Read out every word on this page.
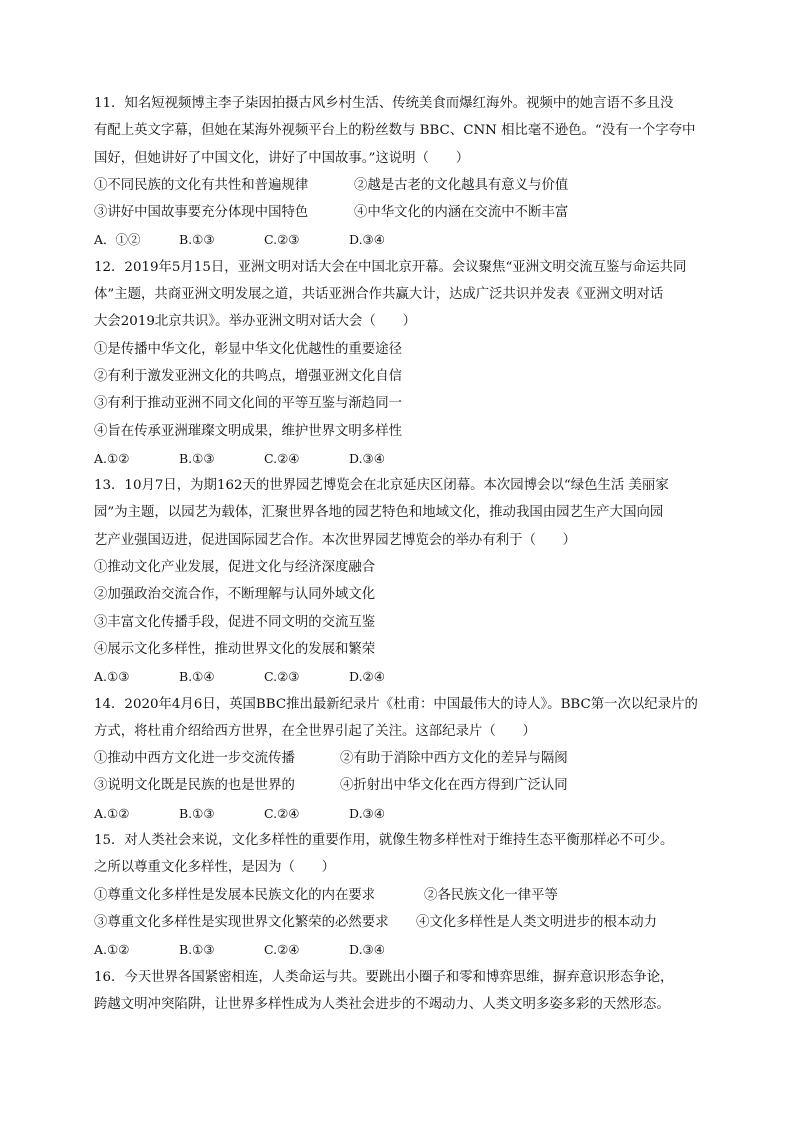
11．知名短视频博主李子柒因拍摄古风乡村生活、传统美食而爆红海外。视频中的她言语不多且没
有配上英文字幕，但她在某海外视频平台上的粉丝数与 BBC、CNN 相比毫不逊色。“没有一个字夸中
国好，但她讲好了中国文化，讲好了中国故事。”这说明（　　）
①不同民族的文化有共性和普遍规律	②越是古老的文化越具有意义与价值
③讲好中国故事要充分体现中国特色	④中华文化的内涵在交流中不断丰富
A．①②	B.①③	C.②③	D.③④
12．2019年5月15日，亚洲文明对话大会在中国北京开幕。会议聚焦“亚洲文明交流互鉴与命运共同
体”主题，共商亚洲文明发展之道，共话亚洲合作共赢大计，达成广泛共识并发表《亚洲文明对话
大会2019北京共识》。举办亚洲文明对话大会（　　）
①是传播中华文化，彰显中华文化优越性的重要途径
②有利于激发亚洲文化的共鸣点，增强亚洲文化自信
③有利于推动亚洲不同文化间的平等互鉴与渐趋同一
④旨在传承亚洲璀璨文明成果，维护世界文明多样性
A.①②	B.①③	C.②④	D.③④
13．10月7日，为期162天的世界园艺博览会在北京延庆区闭幕。本次园博会以“绿色生活 美丽家
园”为主题，以园艺为载体，汇聚世界各地的园艺特色和地域文化，推动我国由园艺生产大国向园
艺产业强国迈进，促进国际园艺合作。本次世界园艺博览会的举办有利于（　　）
①推动文化产业发展，促进文化与经济深度融合
②加强政治交流合作，不断理解与认同外域文化
③丰富文化传播手段，促进不同文明的交流互鉴
④展示文化多样性，推动世界文化的发展和繁荣
A.①③	B.①④	C.②③	D.②④
14．2020年4月6日，英国BBC推出最新纪录片《杜甫：中国最伟大的诗人》。BBC第一次以纪录片的
方式，将杜甫介绍给西方世界，在全世界引起了关注。这部纪录片（　　）
①推动中西方文化进一步交流传播	②有助于消除中西方文化的差异与隔阂
③说明文化既是民族的也是世界的	④折射出中华文化在西方得到广泛认同
A.①②	B.①③	C.②④	D.③④
15．对人类社会来说，文化多样性的重要作用，就像生物多样性对于维持生态平衡那样必不可少。
之所以尊重文化多样性，是因为（　　）
①尊重文化多样性是发展本民族文化的内在要求	②各民族文化一律平等
③尊重文化多样性是实现世界文化繁荣的必然要求	④文化多样性是人类文明进步的根本动力
A.①②	B.①③	C.②④	D.③④
16．今天世界各国紧密相连，人类命运与共。要跳出小圈子和零和博弈思维，摒弃意识形态争论，
跨越文明冲突陷阱，让世界多样性成为人类社会进步的不竭动力、人类文明多姿多彩的天然形态。
